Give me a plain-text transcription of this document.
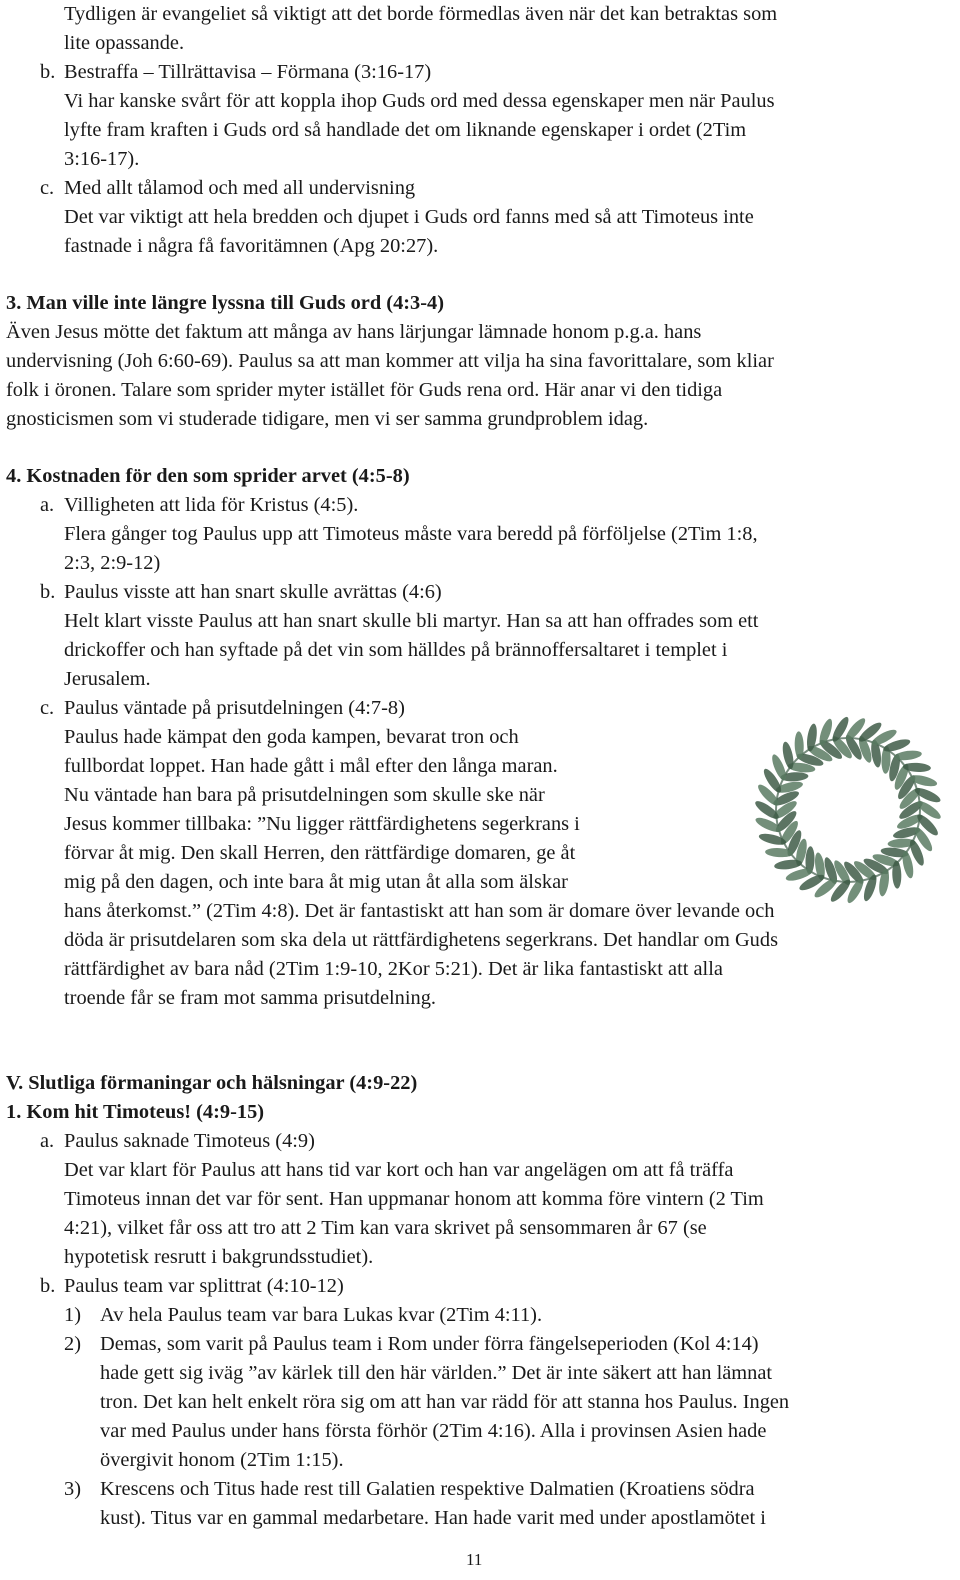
Tydligen är evangeliet så viktigt att det borde förmedlas även när det kan betraktas som
lite opassande.
b. Bestraffa – Tillrättavisa – Förmana (3:16-17)
Vi har kanske svårt för att koppla ihop Guds ord med dessa egenskaper men när Paulus
lyfte fram kraften i Guds ord så handlade det om liknande egenskaper i ordet (2Tim
3:16-17).
c. Med allt tålamod och med all undervisning
Det var viktigt att hela bredden och djupet i Guds ord fanns med så att Timoteus inte
fastnade i några få favoritämnen (Apg 20:27).
3. Man ville inte längre lyssna till Guds ord (4:3-4)
Även Jesus mötte det faktum att många av hans lärjungar lämnade honom p.g.a. hans
undervisning (Joh 6:60-69). Paulus sa att man kommer att vilja ha sina favorittalare, som kliar
folk i öronen. Talare som sprider myter istället för Guds rena ord. Här anar vi den tidiga
gnosticismen som vi studerade tidigare, men vi ser samma grundproblem idag.
4. Kostnaden för den som sprider arvet (4:5-8)
a. Villigheten att lida för Kristus (4:5).
Flera gånger tog Paulus upp att Timoteus måste vara beredd på förföljelse (2Tim 1:8,
2:3, 2:9-12)
b. Paulus visste att han snart skulle avrättas (4:6)
Helt klart visste Paulus att han snart skulle bli martyr. Han sa att han offrades som ett
drickoffer och han syftade på det vin som hälldes på brännoffersaltaret i templet i
Jerusalem.
c. Paulus väntade på prisutdelningen (4:7-8)
Paulus hade kämpat den goda kampen, bevarat tron och
fullbordat loppet. Han hade gått i mål efter den långa maran.
Nu väntade han bara på prisutdelningen som skulle ske när
Jesus kommer tillbaka: ”Nu ligger rättfärdighetens segerkrans i
förvar åt mig. Den skall Herren, den rättfärdige domaren, ge åt
mig på den dagen, och inte bara åt mig utan åt alla som älskar
hans återkomst.” (2Tim 4:8). Det är fantastiskt att han som är domare över levande och
döda är prisutdelaren som ska dela ut rättfärdighetens segerkrans. Det handlar om Guds
rättfärdighet av bara nåd (2Tim 1:9-10, 2Kor 5:21). Det är lika fantastiskt att alla
troende får se fram mot samma prisutdelning.
V. Slutliga förmaningar och hälsningar (4:9-22)
1. Kom hit Timoteus! (4:9-15)
a. Paulus saknade Timoteus (4:9)
Det var klart för Paulus att hans tid var kort och han var angelägen om att få träffa
Timoteus innan det var för sent. Han uppmanar honom att komma före vintern (2 Tim
4:21), vilket får oss att tro att 2 Tim kan vara skrivet på sensommaren år 67 (se
hypotetisk resrutt i bakgrundsstudiet).
b. Paulus team var splittrat (4:10-12)
1) Av hela Paulus team var bara Lukas kvar (2Tim 4:11).
2) Demas, som varit på Paulus team i Rom under förra fängelseperioden (Kol 4:14)
hade gett sig iväg ”av kärlek till den här världen.” Det är inte säkert att han lämnat
tron. Det kan helt enkelt röra sig om att han var rädd för att stanna hos Paulus. Ingen
var med Paulus under hans första förhör (2Tim 4:16). Alla i provinsen Asien hade
övergivit honom (2Tim 1:15).
3) Krescens och Titus hade rest till Galatien respektive Dalmatien (Kroatiens södra
kust). Titus var en gammal medarbetare. Han hade varit med under apostlamötet i
11
